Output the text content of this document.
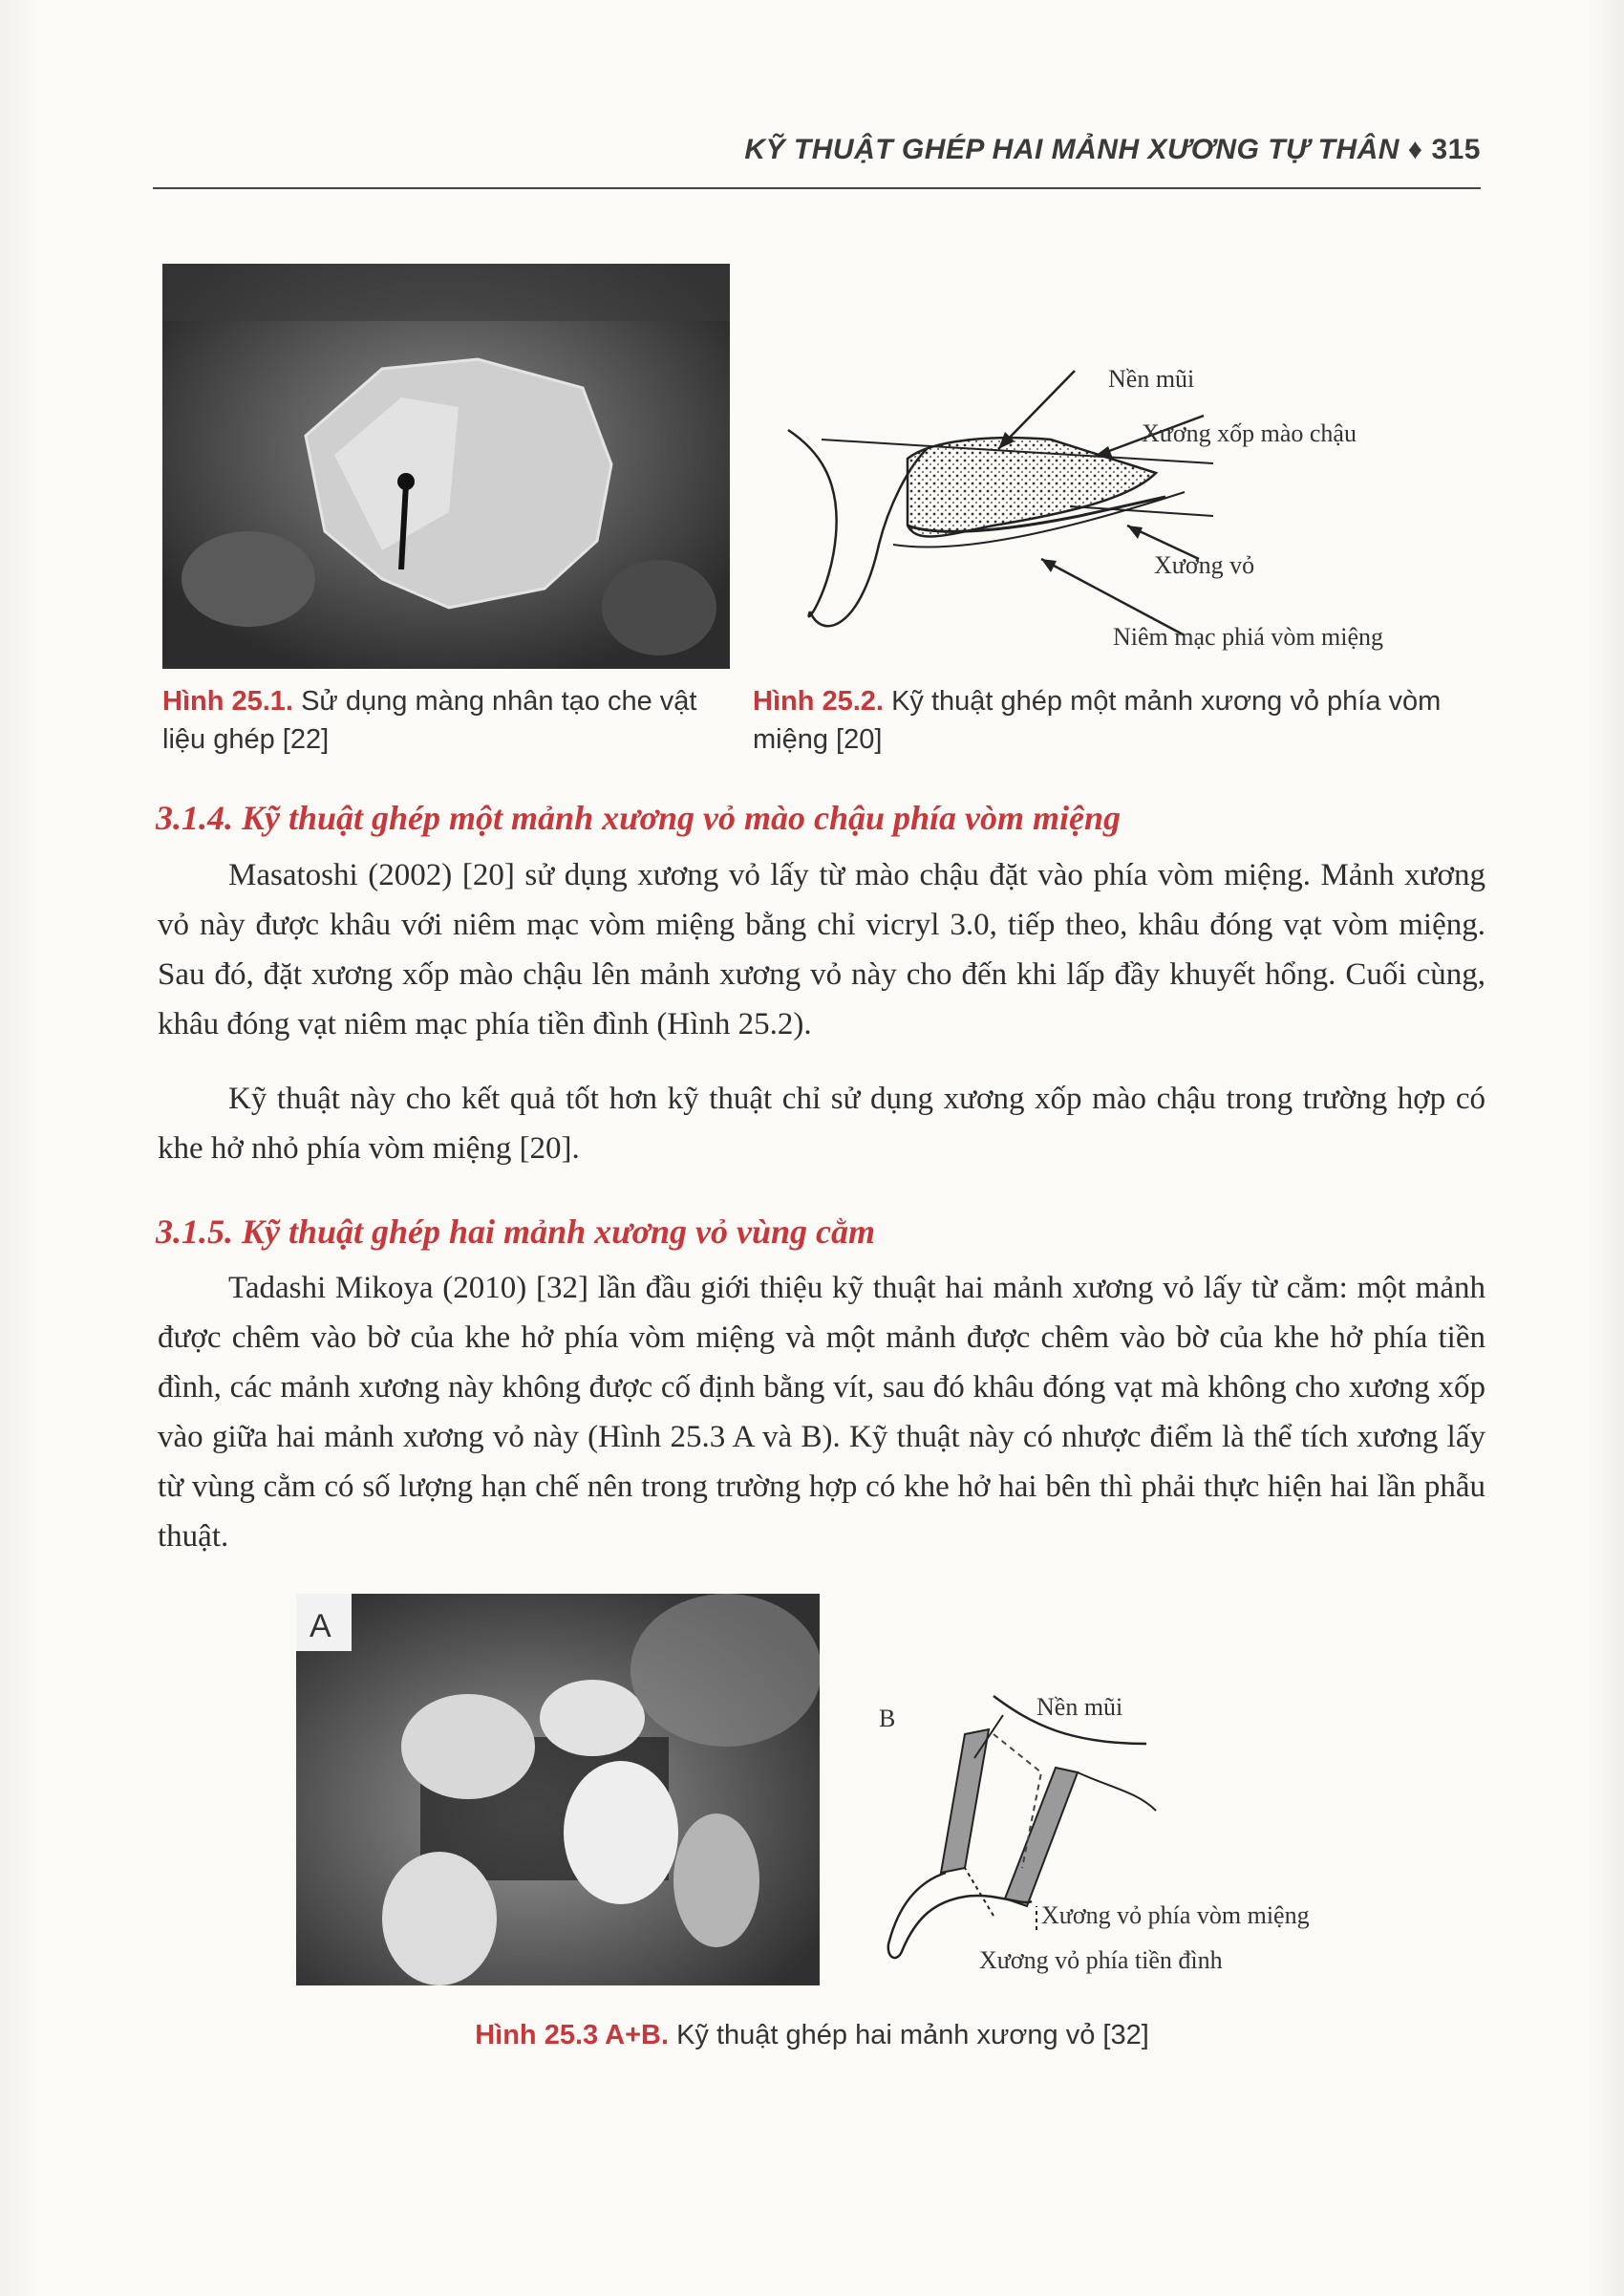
KỸ THUẬT GHÉP HAI MẢNH XƯƠNG TỰ THÂN ♦ 315
Nền mũi
Xương xốp mào chậu
Xương vỏ
Niêm mạc phiá vòm miệng
Hình 25.1. Sử dụng màng nhân tạo che vật liệu ghép [22]
Hình 25.2. Kỹ thuật ghép một mảnh xương vỏ phía vòm miệng [20]
3.1.4. Kỹ thuật ghép một mảnh xương vỏ mào chậu phía vòm miệng
Masatoshi (2002) [20] sử dụng xương vỏ lấy từ mào chậu đặt vào phía vòm miệng. Mảnh xương vỏ này được khâu với niêm mạc vòm miệng bằng chỉ vicryl 3.0, tiếp theo, khâu đóng vạt vòm miệng. Sau đó, đặt xương xốp mào chậu lên mảnh xương vỏ này cho đến khi lấp đầy khuyết hổng. Cuối cùng, khâu đóng vạt niêm mạc phía tiền đình (Hình 25.2).
Kỹ thuật này cho kết quả tốt hơn kỹ thuật chỉ sử dụng xương xốp mào chậu trong trường hợp có khe hở nhỏ phía vòm miệng [20].
3.1.5. Kỹ thuật ghép hai mảnh xương vỏ vùng cằm
Tadashi Mikoya (2010) [32] lần đầu giới thiệu kỹ thuật hai mảnh xương vỏ lấy từ cằm: một mảnh được chêm vào bờ của khe hở phía vòm miệng và một mảnh được chêm vào bờ của khe hở phía tiền đình, các mảnh xương này không được cố định bằng vít, sau đó khâu đóng vạt mà không cho xương xốp vào giữa hai mảnh xương vỏ này (Hình 25.3 A và B). Kỹ thuật này có nhược điểm là thể tích xương lấy từ vùng cằm có số lượng hạn chế nên trong trường hợp có khe hở hai bên thì phải thực hiện hai lần phẫu thuật.
A
B	Nền mũi
Xương vỏ phía vòm miệng
Xương vỏ phía tiền đình
Hình 25.3 A+B. Kỹ thuật ghép hai mảnh xương vỏ [32]
